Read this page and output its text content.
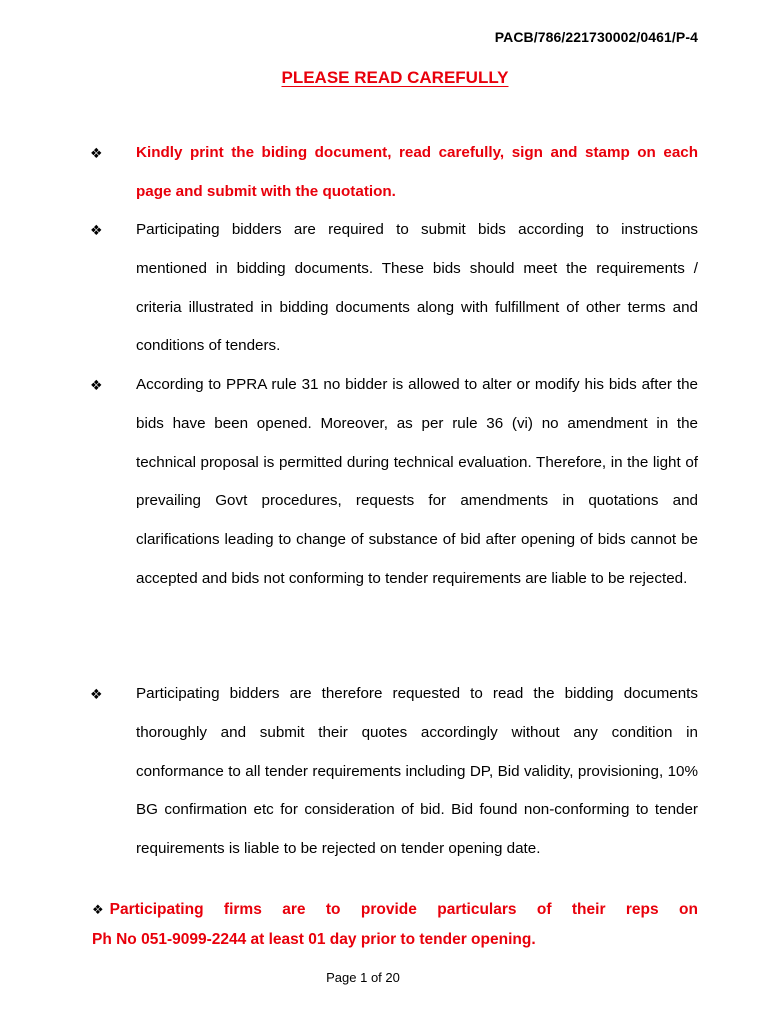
PACB/786/221730002/0461/P-4
PLEASE READ CAREFULLY
❖	Kindly print the biding document, read carefully, sign and stamp on each page and submit with the quotation.

❖	Participating bidders are required to submit bids according to instructions mentioned in bidding documents. These bids should meet the requirements / criteria illustrated in bidding documents along with fulfillment of other terms and conditions of tenders.

❖	According to PPRA rule 31 no bidder is allowed to alter or modify his bids after the bids have been opened. Moreover, as per rule 36 (vi) no amendment in the technical proposal is permitted during technical evaluation. Therefore, in the light of prevailing Govt procedures, requests for amendments in quotations and clarifications leading to change of substance of bid after opening of bids cannot be accepted and bids not conforming to tender requirements are liable to be rejected.

❖	Participating bidders are therefore requested to read the bidding documents thoroughly and submit their quotes accordingly without any condition in conformance to all tender requirements including DP, Bid validity, provisioning, 10% BG confirmation etc for consideration of bid. Bid found non-conforming to tender requirements is liable to be rejected on tender opening date.

❖ Participating firms are to provide particulars of their reps on
Ph No 051-9099-2244 at least 01 day prior to tender opening.
Page 1 of 20
